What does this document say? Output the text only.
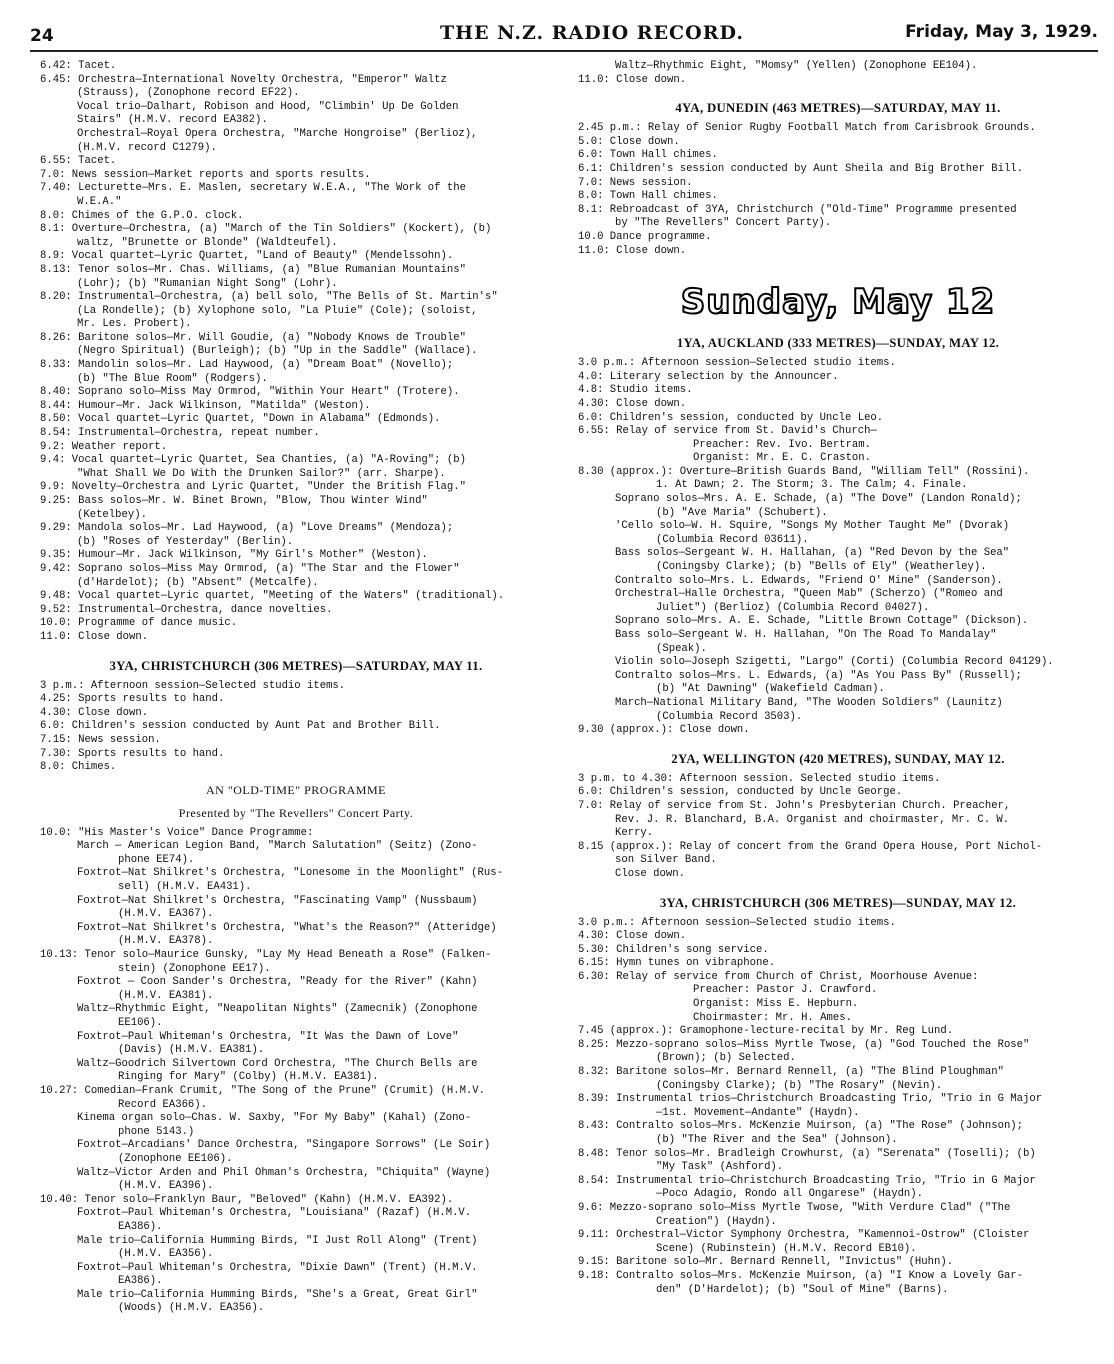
24	THE N.Z. RADIO RECORD.	Friday, May 3, 1929.
6.42: Tacet.
6.45: Orchestra—International Novelty Orchestra, "Emperor" Waltz
(Strauss), (Zonophone record EF22).
Vocal trio—Dalhart, Robison and Hood, "Climbin' Up De Golden
Stairs" (H.M.V. record EA382).
Orchestral—Royal Opera Orchestra, "Marche Hongroise" (Berlioz),
(H.M.V. record C1279).
6.55: Tacet.
7.0: News session—Market reports and sports results.
7.40: Lecturette—Mrs. E. Maslen, secretary W.E.A., "The Work of the
W.E.A."
8.0: Chimes of the G.P.O. clock.
8.1: Overture—Orchestra, (a) "March of the Tin Soldiers" (Kockert), (b)
waltz, "Brunette or Blonde" (Waldteufel).
8.9: Vocal quartet—Lyric Quartet, "Land of Beauty" (Mendelssohn).
8.13: Tenor solos—Mr. Chas. Williams, (a) "Blue Rumanian Mountains"
(Lohr); (b) "Rumanian Night Song" (Lohr).
8.20: Instrumental—Orchestra, (a) bell solo, "The Bells of St. Martin's"
(La Rondelle); (b) Xylophone solo, "La Pluie" (Cole); (soloist,
Mr. Les. Probert).
8.26: Baritone solos—Mr. Will Goudie, (a) "Nobody Knows de Trouble"
(Negro Spiritual) (Burleigh); (b) "Up in the Saddle" (Wallace).
8.33: Mandolin solos—Mr. Lad Haywood, (a) "Dream Boat" (Novello);
(b) "The Blue Room" (Rodgers).
8.40: Soprano solo—Miss May Ormrod, "Within Your Heart" (Trotere).
8.44: Humour—Mr. Jack Wilkinson, "Matilda" (Weston).
8.50: Vocal quartet—Lyric Quartet, "Down in Alabama" (Edmonds).
8.54: Instrumental—Orchestra, repeat number.
9.2: Weather report.
9.4: Vocal quartet—Lyric Quartet, Sea Chanties, (a) "A-Roving"; (b)
"What Shall We Do With the Drunken Sailor?" (arr. Sharpe).
9.9: Novelty—Orchestra and Lyric Quartet, "Under the British Flag."
9.25: Bass solos—Mr. W. Binet Brown, "Blow, Thou Winter Wind"
(Ketelbey).
9.29: Mandola solos—Mr. Lad Haywood, (a) "Love Dreams" (Mendoza);
(b) "Roses of Yesterday" (Berlin).
9.35: Humour—Mr. Jack Wilkinson, "My Girl's Mother" (Weston).
9.42: Soprano solos—Miss May Ormrod, (a) "The Star and the Flower"
(d'Hardelot); (b) "Absent" (Metcalfe).
9.48: Vocal quartet—Lyric quartet, "Meeting of the Waters" (traditional).
9.52: Instrumental—Orchestra, dance novelties.
10.0: Programme of dance music.
11.0: Close down.
3YA, CHRISTCHURCH (306 METRES)—SATURDAY, MAY 11.
3 p.m.: Afternoon session—Selected studio items.
4.25: Sports results to hand.
4.30: Close down.
6.0: Children's session conducted by Aunt Pat and Brother Bill.
7.15: News session.
7.30: Sports results to hand.
8.0: Chimes.
AN "OLD-TIME" PROGRAMME
Presented by "The Revellers" Concert Party.
10.0: "His Master's Voice" Dance Programme:
March — American Legion Band, "March Salutation" (Seitz) (Zono-
phone EE74).
Foxtrot—Nat Shilkret's Orchestra, "Lonesome in the Moonlight" (Rus-
sell) (H.M.V. EA431).
Foxtrot—Nat Shilkret's Orchestra, "Fascinating Vamp" (Nussbaum)
(H.M.V. EA367).
Foxtrot—Nat Shilkret's Orchestra, "What's the Reason?" (Atteridge)
(H.M.V. EA378).
10.13: Tenor solo—Maurice Gunsky, "Lay My Head Beneath a Rose" (Falken-
stein) (Zonophone EE17).
Foxtrot — Coon Sander's Orchestra, "Ready for the River" (Kahn)
(H.M.V. EA381).
Waltz—Rhythmic Eight, "Neapolitan Nights" (Zamecnik) (Zonophone
EE106).
Foxtrot—Paul Whiteman's Orchestra, "It Was the Dawn of Love"
(Davis) (H.M.V. EA381).
Waltz—Goodrich Silvertown Cord Orchestra, "The Church Bells are
Ringing for Mary" (Colby) (H.M.V. EA381).
10.27: Comedian—Frank Crumit, "The Song of the Prune" (Crumit) (H.M.V.
Record EA366).
Kinema organ solo—Chas. W. Saxby, "For My Baby" (Kahal) (Zono-
phone 5143.)
Foxtrot—Arcadians' Dance Orchestra, "Singapore Sorrows" (Le Soir)
(Zonophone EE106).
Waltz—Victor Arden and Phil Ohman's Orchestra, "Chiquita" (Wayne)
(H.M.V. EA396).
10.40: Tenor solo—Franklyn Baur, "Beloved" (Kahn) (H.M.V. EA392).
Foxtrot—Paul Whiteman's Orchestra, "Louisiana" (Razaf) (H.M.V.
EA386).
Male trio—California Humming Birds, "I Just Roll Along" (Trent)
(H.M.V. EA356).
Foxtrot—Paul Whiteman's Orchestra, "Dixie Dawn" (Trent) (H.M.V.
EA386).
Male trio—California Humming Birds, "She's a Great, Great Girl"
(Woods) (H.M.V. EA356).
Waltz—Rhythmic Eight, "Momsy" (Yellen) (Zonophone EE104).
11.0: Close down.
4YA, DUNEDIN (463 METRES)—SATURDAY, MAY 11.
2.45 p.m.: Relay of Senior Rugby Football Match from Carisbrook Grounds.
5.0: Close down.
6.0: Town Hall chimes.
6.1: Children's session conducted by Aunt Sheila and Big Brother Bill.
7.0: News session.
8.0: Town Hall chimes.
8.1: Rebroadcast of 3YA, Christchurch ("Old-Time" Programme presented
by "The Revellers" Concert Party).
10.0 Dance programme.
11.0: Close down.
Sunday, May 12
1YA, AUCKLAND (333 METRES)—SUNDAY, MAY 12.
3.0 p.m.: Afternoon session—Selected studio items.
4.0: Literary selection by the Announcer.
4.8: Studio items.
4.30: Close down.
6.0: Children's session, conducted by Uncle Leo.
6.55: Relay of service from St. David's Church—
Preacher: Rev. Ivo. Bertram.
Organist: Mr. E. C. Craston.
8.30 (approx.): Overture—British Guards Band, "William Tell" (Rossini).
1. At Dawn; 2. The Storm; 3. The Calm; 4. Finale.
Soprano solos—Mrs. A. E. Schade, (a) "The Dove" (Landon Ronald);
(b) "Ave Maria" (Schubert).
'Cello solo—W. H. Squire, "Songs My Mother Taught Me" (Dvorak)
(Columbia Record 03611).
Bass solos—Sergeant W. H. Hallahan, (a) "Red Devon by the Sea"
(Coningsby Clarke); (b) "Bells of Ely" (Weatherley).
Contralto solo—Mrs. L. Edwards, "Friend O' Mine" (Sanderson).
Orchestral—Halle Orchestra, "Queen Mab" (Scherzo) ("Romeo and
Juliet") (Berlioz) (Columbia Record 04027).
Soprano solo—Mrs. A. E. Schade, "Little Brown Cottage" (Dickson).
Bass solo—Sergeant W. H. Hallahan, "On The Road To Mandalay"
(Speak).
Violin solo—Joseph Szigetti, "Largo" (Corti) (Columbia Record 04129).
Contralto solos—Mrs. L. Edwards, (a) "As You Pass By" (Russell);
(b) "At Dawning" (Wakefield Cadman).
March—National Military Band, "The Wooden Soldiers" (Launitz)
(Columbia Record 3503).
9.30 (approx.): Close down.
2YA, WELLINGTON (420 METRES), SUNDAY, MAY 12.
3 p.m. to 4.30: Afternoon session. Selected studio items.
6.0: Children's session, conducted by Uncle George.
7.0: Relay of service from St. John's Presbyterian Church. Preacher,
Rev. J. R. Blanchard, B.A. Organist and choirmaster, Mr. C. W.
Kerry.
8.15 (approx.): Relay of concert from the Grand Opera House, Port Nichol-
son Silver Band.
Close down.
3YA, CHRISTCHURCH (306 METRES)—SUNDAY, MAY 12.
3.0 p.m.: Afternoon session—Selected studio items.
4.30: Close down.
5.30: Children's song service.
6.15: Hymn tunes on vibraphone.
6.30: Relay of service from Church of Christ, Moorhouse Avenue:
Preacher: Pastor J. Crawford.
Organist: Miss E. Hepburn.
Choirmaster: Mr. H. Ames.
7.45 (approx.): Gramophone-lecture-recital by Mr. Reg Lund.
8.25: Mezzo-soprano solos—Miss Myrtle Twose, (a) "God Touched the Rose"
(Brown); (b) Selected.
8.32: Baritone solos—Mr. Bernard Rennell, (a) "The Blind Ploughman"
(Coningsby Clarke); (b) "The Rosary" (Nevin).
8.39: Instrumental trios—Christchurch Broadcasting Trio, "Trio in G Major
—1st. Movement—Andante" (Haydn).
8.43: Contralto solos—Mrs. McKenzie Muirson, (a) "The Rose" (Johnson);
(b) "The River and the Sea" (Johnson).
8.48: Tenor solos—Mr. Bradleigh Crowhurst, (a) "Serenata" (Toselli); (b)
"My Task" (Ashford).
8.54: Instrumental trio—Christchurch Broadcasting Trio, "Trio in G Major
—Poco Adagio, Rondo all Ongarese" (Haydn).
9.6: Mezzo-soprano solo—Miss Myrtle Twose, "With Verdure Clad" ("The
Creation") (Haydn).
9.11: Orchestral—Victor Symphony Orchestra, "Kamennoi-Ostrow" (Cloister
Scene) (Rubinstein) (H.M.V. Record EB10).
9.15: Baritone solo—Mr. Bernard Rennell, "Invictus" (Huhn).
9.18: Contralto solos—Mrs. McKenzie Muirson, (a) "I Know a Lovely Gar-
den" (D'Hardelot); (b) "Soul of Mine" (Barns).
